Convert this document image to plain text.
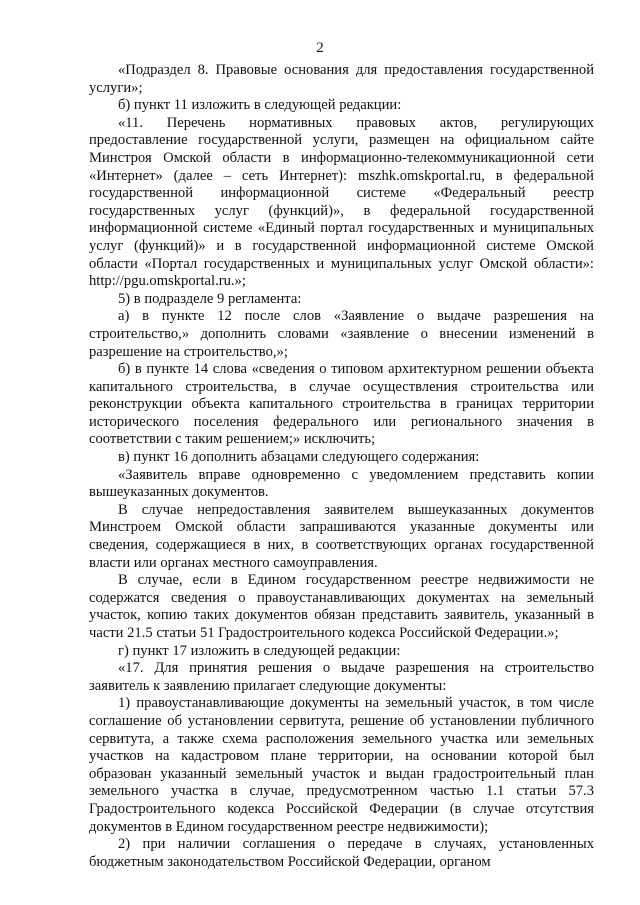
2

«Подраздел 8. Правовые основания для предоставления государственной услуги»;

б) пункт 11 изложить в следующей редакции:

«11. Перечень нормативных правовых актов, регулирующих предоставление государственной услуги, размещен на официальном сайте Минстроя Омской области в информационно-телекоммуникационной сети «Интернет» (далее – сеть Интернет): mszhk.omskportal.ru, в федеральной государственной информационной системе «Федеральный реестр государственных услуг (функций)», в федеральной государственной информационной системе «Единый портал государственных и муниципальных услуг (функций)» и в государственной информационной системе Омской области «Портал государственных и муниципальных услуг Омской области»: http://pgu.omskportal.ru.»;

5) в подразделе 9 регламента:

а) в пункте 12 после слов «Заявление о выдаче разрешения на строительство,» дополнить словами «заявление о внесении изменений в разрешение на строительство,»;

б) в пункте 14 слова «сведения о типовом архитектурном решении объекта капитального строительства, в случае осуществления строительства или реконструкции объекта капитального строительства в границах территории исторического поселения федерального или регионального значения в соответствии с таким решением;» исключить;

в) пункт 16 дополнить абзацами следующего содержания:

«Заявитель вправе одновременно с уведомлением представить копии вышеуказанных документов.

В случае непредоставления заявителем вышеуказанных документов Минстроем Омской области запрашиваются указанные документы или сведения, содержащиеся в них, в соответствующих органах государственной власти или органах местного самоуправления.

В случае, если в Едином государственном реестре недвижимости не содержатся сведения о правоустанавливающих документах на земельный участок, копию таких документов обязан представить заявитель, указанный в части 21.5 статьи 51 Градостроительного кодекса Российской Федерации.»;

г) пункт 17 изложить в следующей редакции:

«17. Для принятия решения о выдаче разрешения на строительство заявитель к заявлению прилагает следующие документы:

1) правоустанавливающие документы на земельный участок, в том числе соглашение об установлении сервитута, решение об установлении публичного сервитута, а также схема расположения земельного участка или земельных участков на кадастровом плане территории, на основании которой был образован указанный земельный участок и выдан градостроительный план земельного участка в случае, предусмотренном частью 1.1 статьи 57.3 Градостроительного кодекса Российской Федерации (в случае отсутствия документов в Едином государственном реестре недвижимости);

2) при наличии соглашения о передаче в случаях, установленных бюджетным законодательством Российской Федерации, органом
